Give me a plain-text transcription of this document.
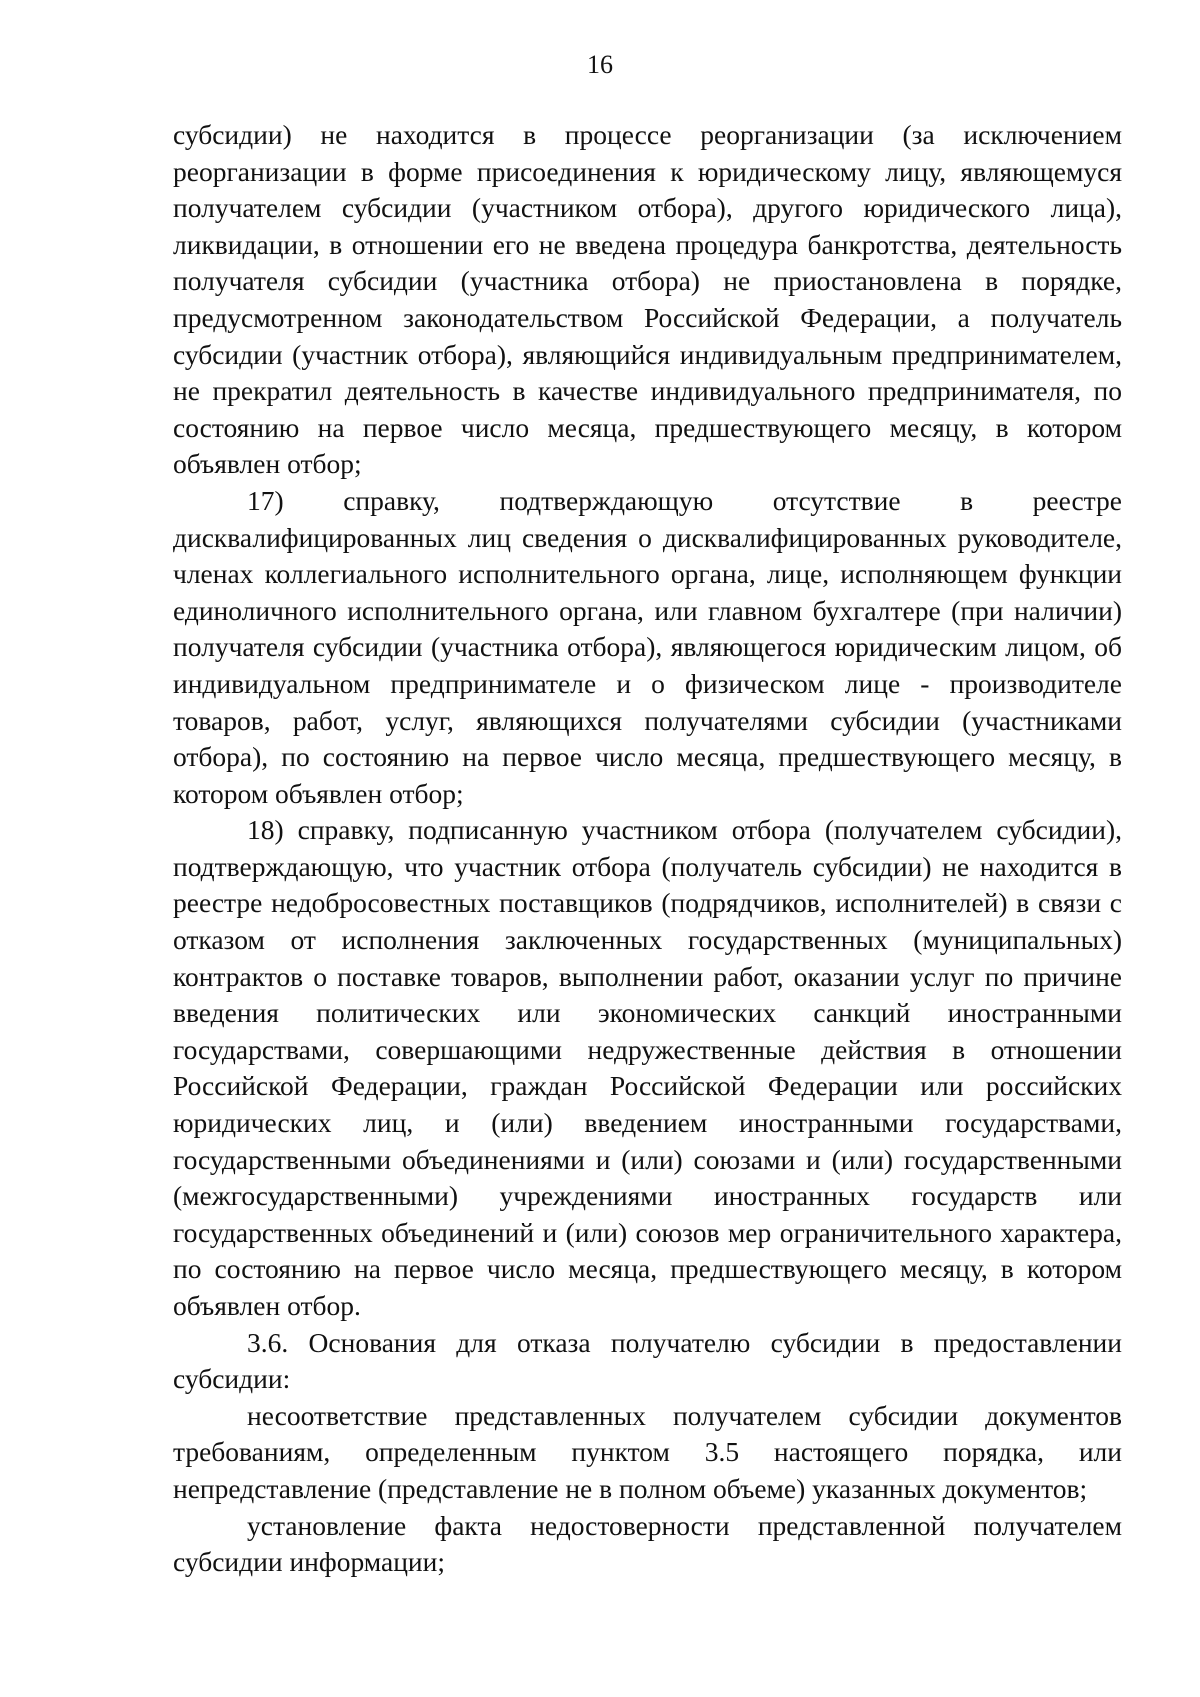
16

субсидии) не находится в процессе реорганизации (за исключением реорганизации в форме присоединения к юридическому лицу, являющемуся получателем субсидии (участником отбора), другого юридического лица), ликвидации, в отношении его не введена процедура банкротства, деятельность получателя субсидии (участника отбора) не приостановлена в порядке, предусмотренном законодательством Российской Федерации, а получатель субсидии (участник отбора), являющийся индивидуальным предпринимателем, не прекратил деятельность в качестве индивидуального предпринимателя, по состоянию на первое число месяца, предшествующего месяцу, в котором объявлен отбор;

17) справку, подтверждающую отсутствие в реестре дисквалифицированных лиц сведения о дисквалифицированных руководителе, членах коллегиального исполнительного органа, лице, исполняющем функции единоличного исполнительного органа, или главном бухгалтере (при наличии) получателя субсидии (участника отбора), являющегося юридическим лицом, об индивидуальном предпринимателе и о физическом лице - производителе товаров, работ, услуг, являющихся получателями субсидии (участниками отбора), по состоянию на первое число месяца, предшествующего месяцу, в котором объявлен отбор;

18) справку, подписанную участником отбора (получателем субсидии), подтверждающую, что участник отбора (получатель субсидии) не находится в реестре недобросовестных поставщиков (подрядчиков, исполнителей) в связи с отказом от исполнения заключенных государственных (муниципальных) контрактов о поставке товаров, выполнении работ, оказании услуг по причине введения политических или экономических санкций иностранными государствами, совершающими недружественные действия в отношении Российской Федерации, граждан Российской Федерации или российских юридических лиц, и (или) введением иностранными государствами, государственными объединениями и (или) союзами и (или) государственными (межгосударственными) учреждениями иностранных государств или государственных объединений и (или) союзов мер ограничительного характера, по состоянию на первое число месяца, предшествующего месяцу, в котором объявлен отбор.

3.6. Основания для отказа получателю субсидии в предоставлении субсидии:

несоответствие представленных получателем субсидии документов требованиям, определенным пунктом 3.5 настоящего порядка, или непредставление (представление не в полном объеме) указанных документов;

установление факта недостоверности представленной получателем субсидии информации;
